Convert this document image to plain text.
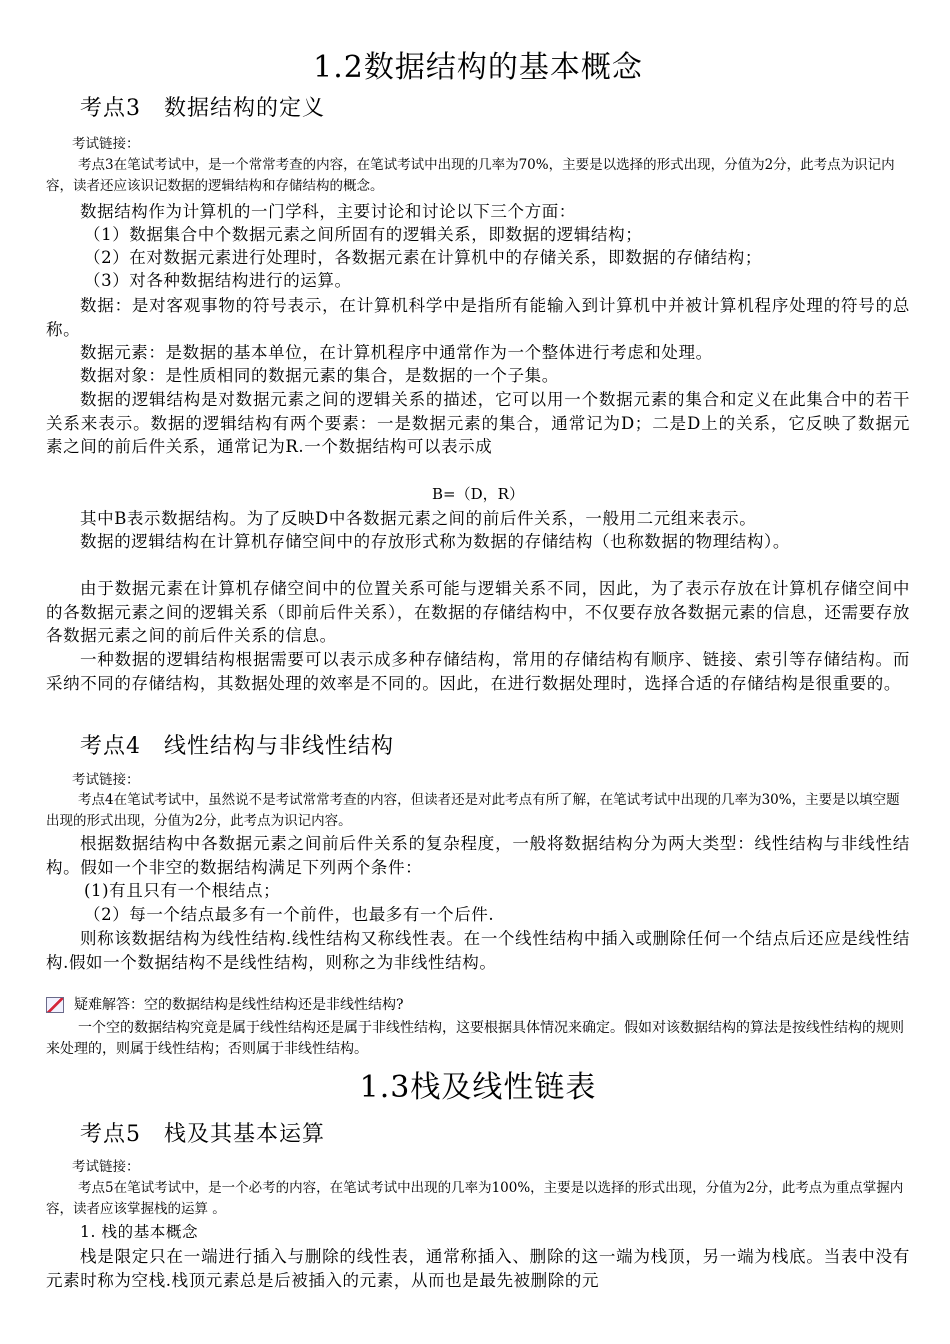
1.2数据结构的基本概念
考点3　数据结构的定义
考试链接：
考点3在笔试考试中，是一个常常考查的内容，在笔试考试中出现的几率为70%，主要是以选择的形式出现，分值为2分，此考点为识记内容，读者还应该识记数据的逻辑结构和存储结构的概念。
数据结构作为计算机的一门学科，主要讨论和讨论以下三个方面：
（1）数据集合中个数据元素之间所固有的逻辑关系，即数据的逻辑结构；
（2）在对数据元素进行处理时，各数据元素在计算机中的存储关系，即数据的存储结构；
（3）对各种数据结构进行的运算。
数据：是对客观事物的符号表示，在计算机科学中是指所有能输入到计算机中并被计算机程序处理的符号的总称。
数据元素：是数据的基本单位，在计算机程序中通常作为一个整体进行考虑和处理。
数据对象：是性质相同的数据元素的集合，是数据的一个子集。
数据的逻辑结构是对数据元素之间的逻辑关系的描述，它可以用一个数据元素的集合和定义在此集合中的若干关系来表示。数据的逻辑结构有两个要素：一是数据元素的集合，通常记为D；二是D上的关系，它反映了数据元素之间的前后件关系，通常记为R.一个数据结构可以表示成
B=（D，R）
其中B表示数据结构。为了反映D中各数据元素之间的前后件关系，一般用二元组来表示。
数据的逻辑结构在计算机存储空间中的存放形式称为数据的存储结构（也称数据的物理结构）。
由于数据元素在计算机存储空间中的位置关系可能与逻辑关系不同，因此，为了表示存放在计算机存储空间中的各数据元素之间的逻辑关系（即前后件关系），在数据的存储结构中，不仅要存放各数据元素的信息，还需要存放各数据元素之间的前后件关系的信息。
一种数据的逻辑结构根据需要可以表示成多种存储结构，常用的存储结构有顺序、链接、索引等存储结构。而采纳不同的存储结构，其数据处理的效率是不同的。因此，在进行数据处理时，选择合适的存储结构是很重要的。
考点4　线性结构与非线性结构
考试链接：
考点4在笔试考试中，虽然说不是考试常常考查的内容，但读者还是对此考点有所了解，在笔试考试中出现的几率为30%，主要是以填空题出现的形式出现，分值为2分，此考点为识记内容。
根据数据结构中各数据元素之间前后件关系的复杂程度，一般将数据结构分为两大类型：线性结构与非线性结构。假如一个非空的数据结构满足下列两个条件：
(1)有且只有一个根结点；
（2）每一个结点最多有一个前件，也最多有一个后件.
则称该数据结构为线性结构.线性结构又称线性表。在一个线性结构中插入或删除任何一个结点后还应是线性结构.假如一个数据结构不是线性结构，则称之为非线性结构。
疑难解答：空的数据结构是线性结构还是非线性结构?
一个空的数据结构究竟是属于线性结构还是属于非线性结构，这要根据具体情况来确定。假如对该数据结构的算法是按线性结构的规则来处理的，则属于线性结构；否则属于非线性结构。
1.3栈及线性链表
考点5　栈及其基本运算
考试链接：
考点5在笔试考试中，是一个必考的内容，在笔试考试中出现的几率为100%，主要是以选择的形式出现，分值为2分，此考点为重点掌握内容，读者应该掌握栈的运算 。
1. 栈的基本概念
栈是限定只在一端进行插入与删除的线性表，通常称插入、删除的这一端为栈顶，另一端为栈底。当表中没有元素时称为空栈.栈顶元素总是后被插入的元素，从而也是最先被删除的元
